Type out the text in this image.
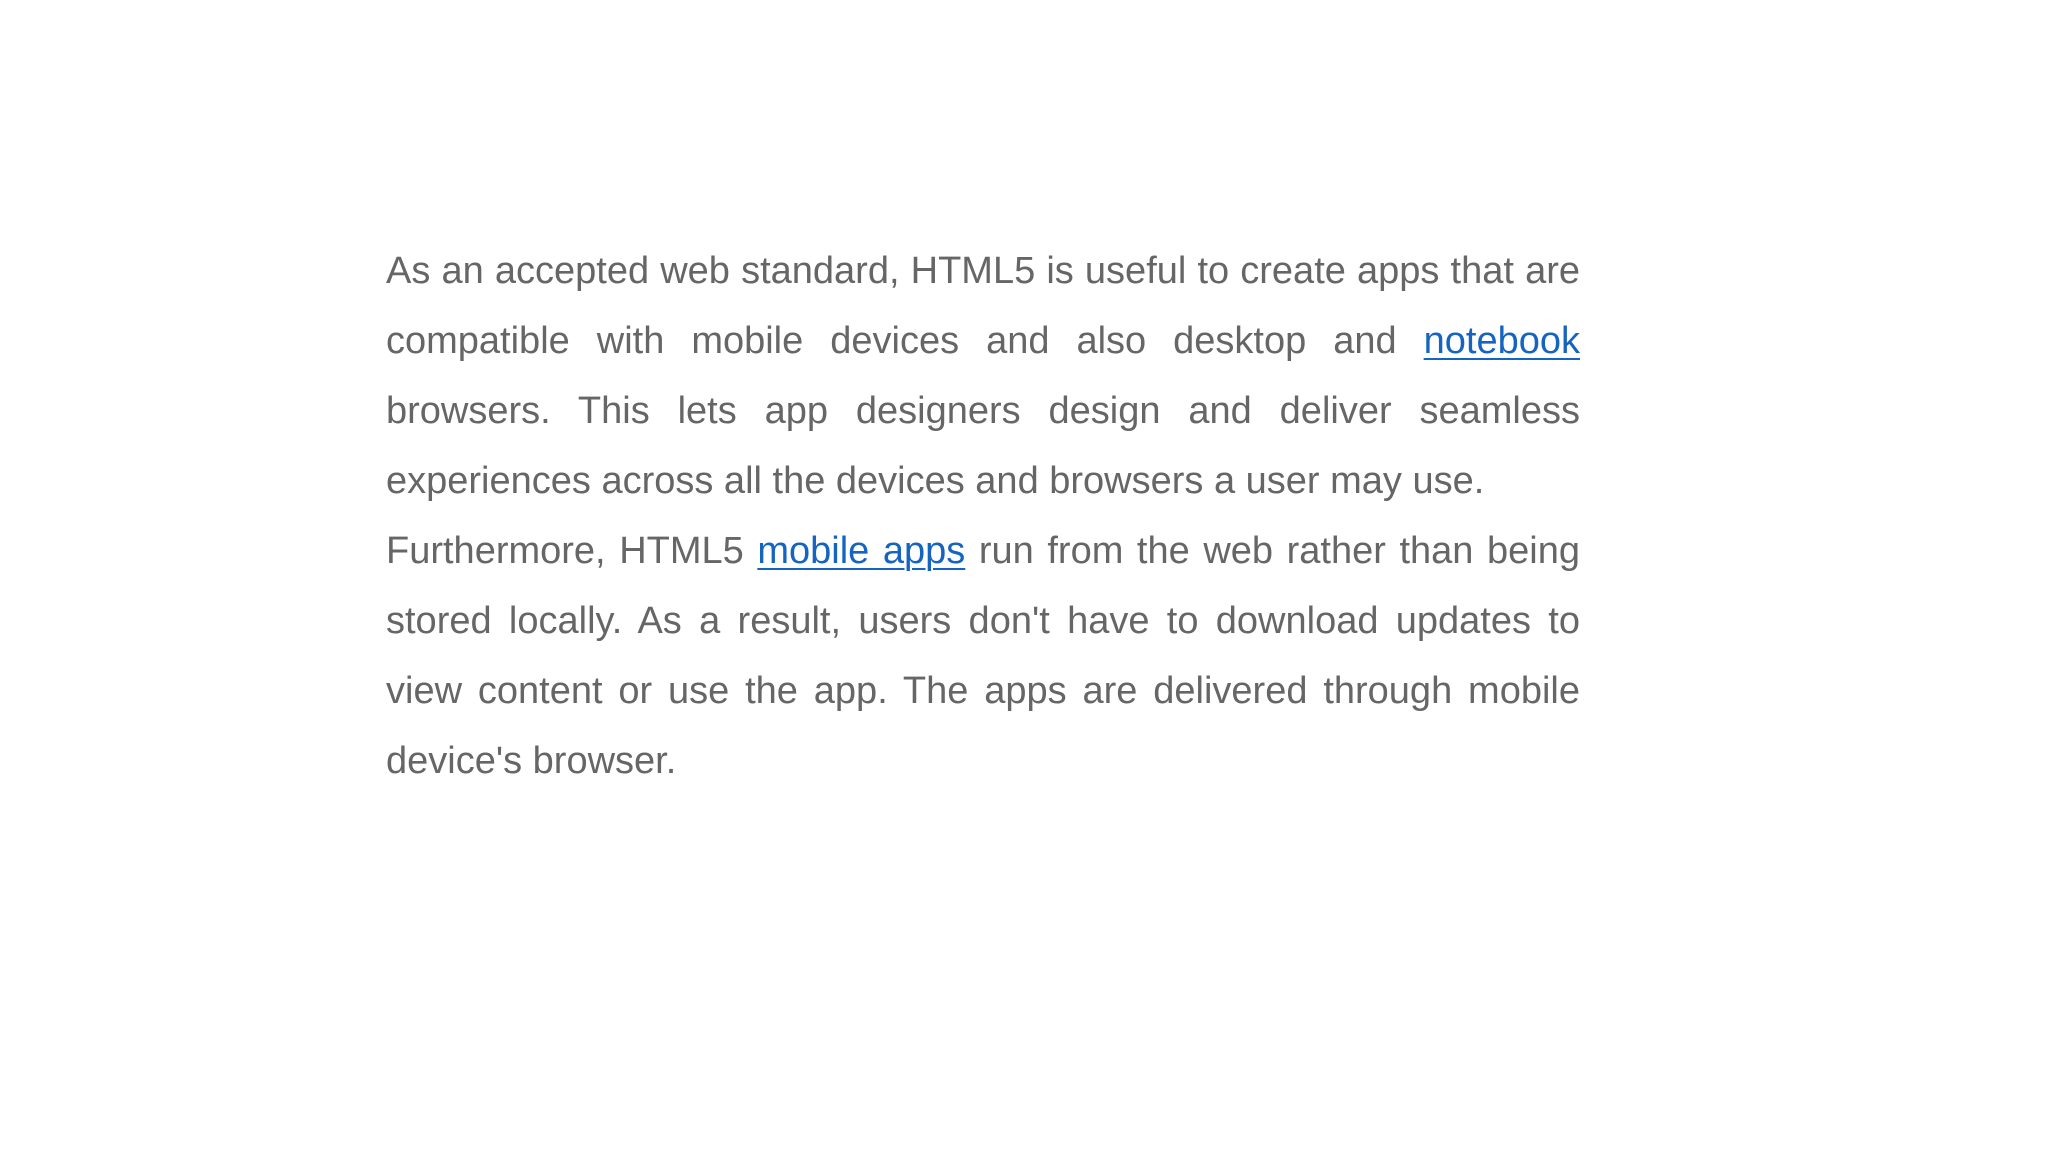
As an accepted web standard, HTML5 is useful to create apps that are compatible with mobile devices and also desktop and notebook browsers. This lets app designers design and deliver seamless experiences across all the devices and browsers a user may use.

Furthermore, HTML5 mobile apps run from the web rather than being stored locally. As a result, users don't have to download updates to view content or use the app. The apps are delivered through mobile device's browser.
